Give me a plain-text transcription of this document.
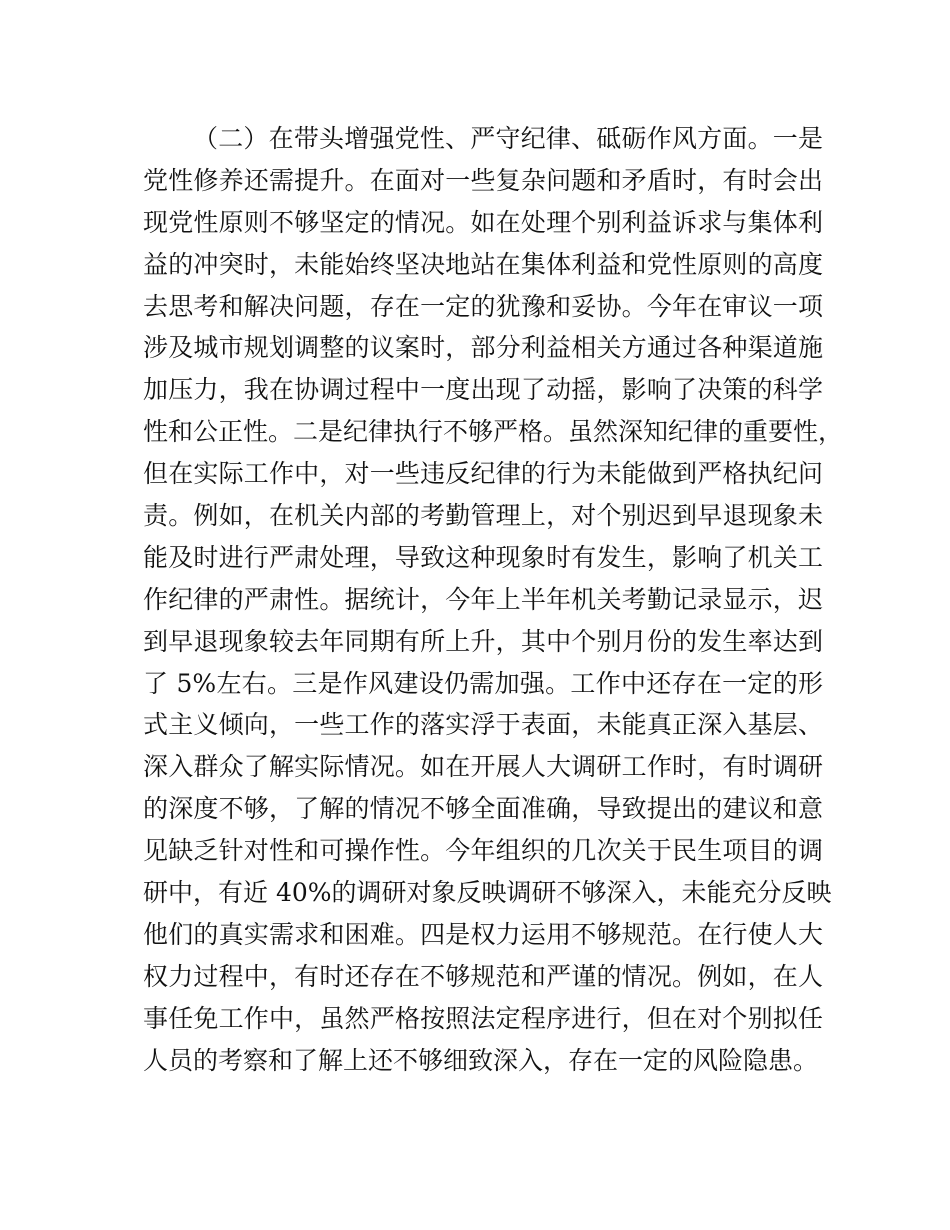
（二）在带头增强党性、严守纪律、砥砺作风方面。一是
党性修养还需提升。在面对一些复杂问题和矛盾时，有时会出
现党性原则不够坚定的情况。如在处理个别利益诉求与集体利
益的冲突时，未能始终坚决地站在集体利益和党性原则的高度
去思考和解决问题，存在一定的犹豫和妥协。今年在审议一项
涉及城市规划调整的议案时，部分利益相关方通过各种渠道施
加压力，我在协调过程中一度出现了动摇，影响了决策的科学
性和公正性。二是纪律执行不够严格。虽然深知纪律的重要性，
但在实际工作中，对一些违反纪律的行为未能做到严格执纪问
责。例如，在机关内部的考勤管理上，对个别迟到早退现象未
能及时进行严肃处理，导致这种现象时有发生，影响了机关工
作纪律的严肃性。据统计，今年上半年机关考勤记录显示，迟
到早退现象较去年同期有所上升，其中个别月份的发生率达到
了 5%左右。三是作风建设仍需加强。工作中还存在一定的形
式主义倾向，一些工作的落实浮于表面，未能真正深入基层、
深入群众了解实际情况。如在开展人大调研工作时，有时调研
的深度不够，了解的情况不够全面准确，导致提出的建议和意
见缺乏针对性和可操作性。今年组织的几次关于民生项目的调
研中，有近 40%的调研对象反映调研不够深入，未能充分反映
他们的真实需求和困难。四是权力运用不够规范。在行使人大
权力过程中，有时还存在不够规范和严谨的情况。例如，在人
事任免工作中，虽然严格按照法定程序进行，但在对个别拟任
人员的考察和了解上还不够细致深入，存在一定的风险隐患。
